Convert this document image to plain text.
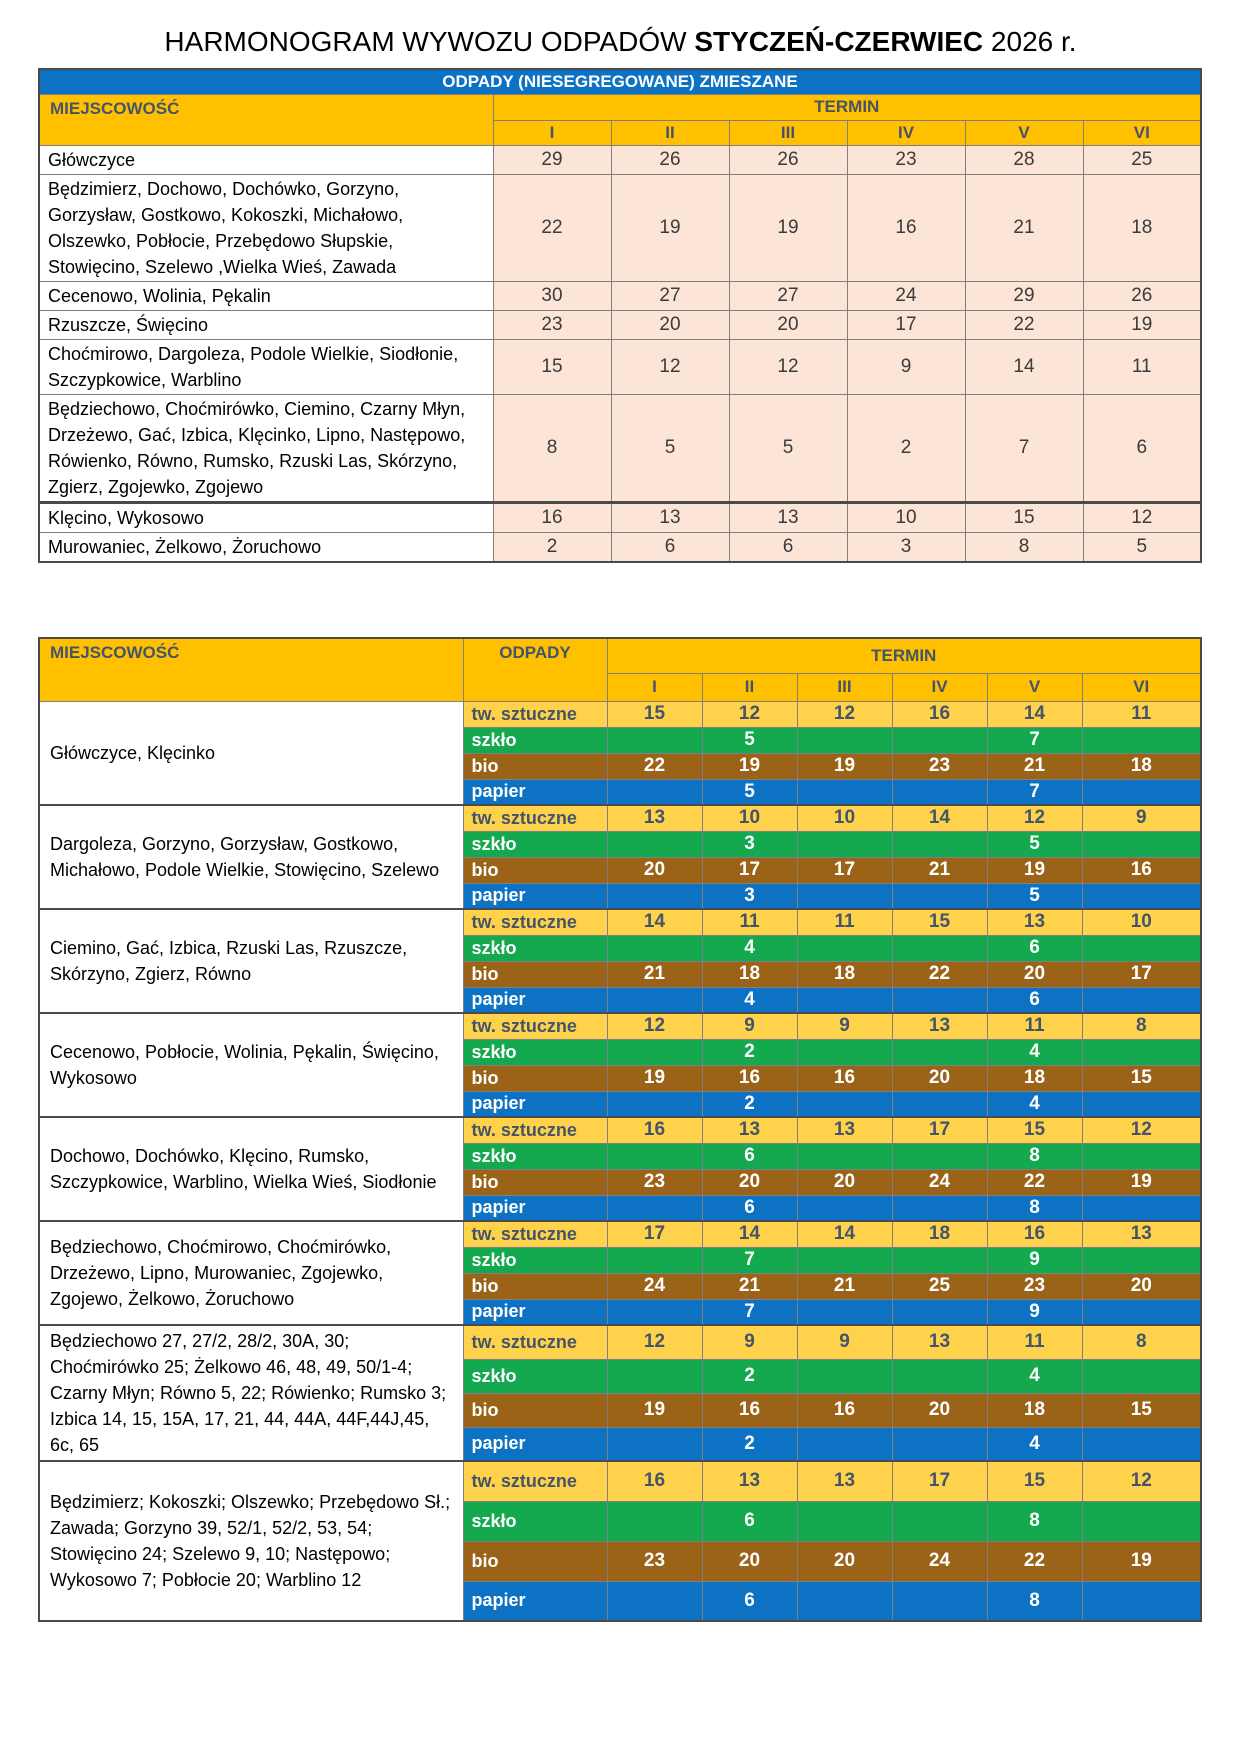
HARMONOGRAM WYWOZU ODPADÓW STYCZEŃ-CZERWIEC 2026 r.
ODPADY (NIESEGREGOWANE) ZMIESZANE						
MIEJSCOWOŚĆ	TERMIN					
	I	II	III	IV	V	VI
Główczyce	29	26	26	23	28	25
Będzimierz, Dochowo, Dochówko, Gorzyno, Gorzysław, Gostkowo, Kokoszki, Michałowo, Olszewko, Pobłocie, Przebędowo Słupskie, Stowięcino, Szelewo ,Wielka Wieś, Zawada	22	19	19	16	21	18
Cecenowo, Wolinia, Pękalin	30	27	27	24	29	26
Rzuszcze, Święcino	23	20	20	17	22	19
Choćmirowo, Dargoleza, Podole Wielkie, Siodłonie, Szczypkowice, Warblino	15	12	12	9	14	11
Będziechowo, Choćmirówko, Ciemino, Czarny Młyn, Drzeżewo, Gać, Izbica, Klęcinko, Lipno, Następowo, Rówienko, Równo, Rumsko, Rzuski Las, Skórzyno, Zgierz, Zgojewko, Zgojewo	8	5	5	2	7	6
Klęcino, Wykosowo	16	13	13	10	15	12
Murowaniec, Żelkowo, Żoruchowo	2	6	6	3	8	5
MIEJSCOWOŚĆ	ODPADY	TERMIN					
		I	II	III	IV	V	VI
Główczyce, Klęcinko	tw. sztuczne	15	12	12	16	14	11
	szkło		5			7	
	bio	22	19	19	23	21	18
	papier		5			7	
Dargoleza, Gorzyno, Gorzysław, Gostkowo, Michałowo, Podole Wielkie, Stowięcino, Szelewo	tw. sztuczne	13	10	10	14	12	9
	szkło		3			5	
	bio	20	17	17	21	19	16
	papier		3			5	
Ciemino, Gać, Izbica, Rzuski Las, Rzuszcze, Skórzyno, Zgierz, Równo	tw. sztuczne	14	11	11	15	13	10
	szkło		4			6	
	bio	21	18	18	22	20	17
	papier		4			6	
Cecenowo, Pobłocie, Wolinia, Pękalin, Święcino, Wykosowo	tw. sztuczne	12	9	9	13	11	8
	szkło		2			4	
	bio	19	16	16	20	18	15
	papier		2			4	
Dochowo, Dochówko, Klęcino, Rumsko, Szczypkowice, Warblino, Wielka Wieś, Siodłonie	tw. sztuczne	16	13	13	17	15	12
	szkło		6			8	
	bio	23	20	20	24	22	19
	papier		6			8	
Będziechowo, Choćmirowo, Choćmirówko, Drzeżewo, Lipno, Murowaniec, Zgojewko, Zgojewo, Żelkowo, Żoruchowo	tw. sztuczne	17	14	14	18	16	13
	szkło		7			9	
	bio	24	21	21	25	23	20
	papier		7			9	
Będziechowo 27, 27/2, 28/2, 30A, 30; Choćmirówko 25; Żelkowo 46, 48, 49, 50/1-4; Czarny Młyn; Równo 5, 22; Rówienko; Rumsko 3; Izbica 14, 15, 15A, 17, 21, 44, 44A, 44F,44J,45, 6c, 65	tw. sztuczne	12	9	9	13	11	8
	szkło		2			4	
	bio	19	16	16	20	18	15
	papier		2			4	
Będzimierz; Kokoszki; Olszewko; Przebędowo Sł.; Zawada; Gorzyno 39, 52/1, 52/2, 53, 54; Stowięcino 24; Szelewo 9, 10; Następowo; Wykosowo 7; Pobłocie 20; Warblino 12	tw. sztuczne	16	13	13	17	15	12
	szkło		6			8	
	bio	23	20	20	24	22	19
	papier		6			8	
